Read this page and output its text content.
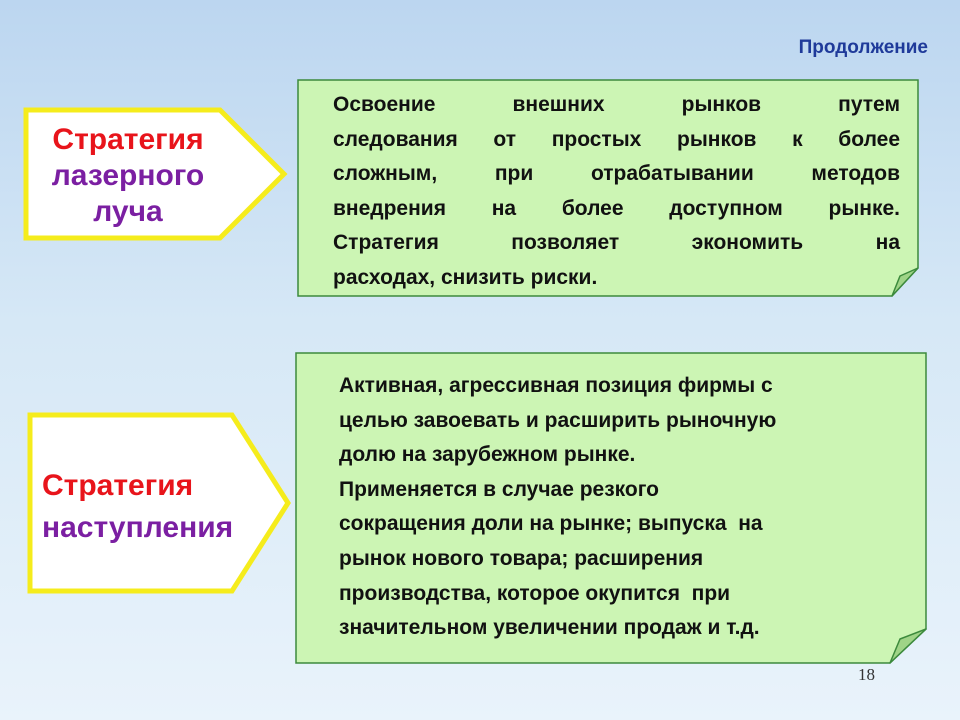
Продолжение
Стратегия
лазерного
луча
Освоение внешних рынков путем
следования от простых рынков к более
сложным, при отрабатывании методов
внедрения на более доступном рынке.
Стратегия позволяет экономить на
расходах, снизить риски.
Стратегия
наступления
Активная, агрессивная позиция фирмы с
целью завоевать и расширить рыночную
долю на зарубежном рынке.
Применяется в случае резкого
сокращения доли на рынке; выпуска  на
рынок нового товара; расширения
производства, которое окупится  при
значительном увеличении продаж и т.д.
18
